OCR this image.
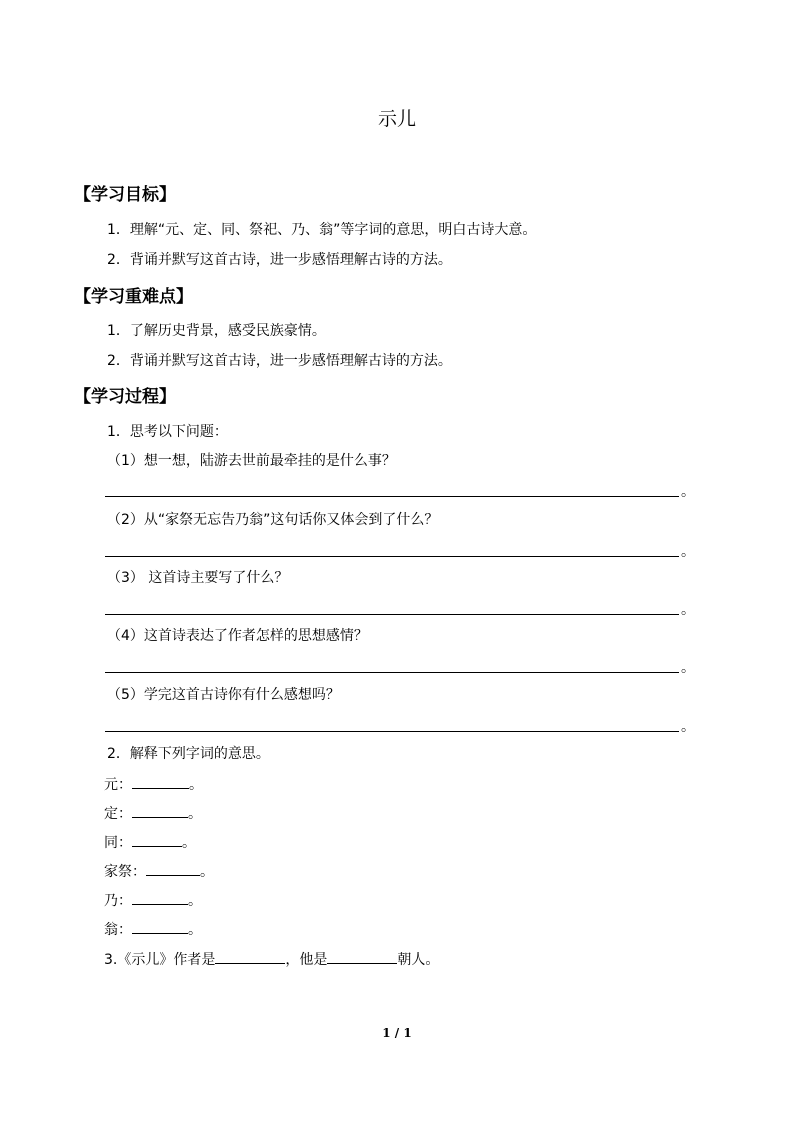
示儿
【学习目标】
1．理解“元、定、同、祭祀、乃、翁”等字词的意思，明白古诗大意。
2．背诵并默写这首古诗，进一步感悟理解古诗的方法。
【学习重难点】
1．了解历史背景，感受民族豪情。
2．背诵并默写这首古诗，进一步感悟理解古诗的方法。
【学习过程】
1．思考以下问题：
（1）想一想，陆游去世前最牵挂的是什么事？
。
（2）从“家祭无忘告乃翁”这句话你又体会到了什么？
。
（3） 这首诗主要写了什么？
。
（4）这首诗表达了作者怎样的思想感情？
。
（5）学完这首古诗你有什么感想吗？
。
2．解释下列字词的意思。
元：	。
定：	。
同：	。
家祭：	。
乃：	。
翁：	。
3.《示儿》作者是	，他是	朝人。
1 / 1
